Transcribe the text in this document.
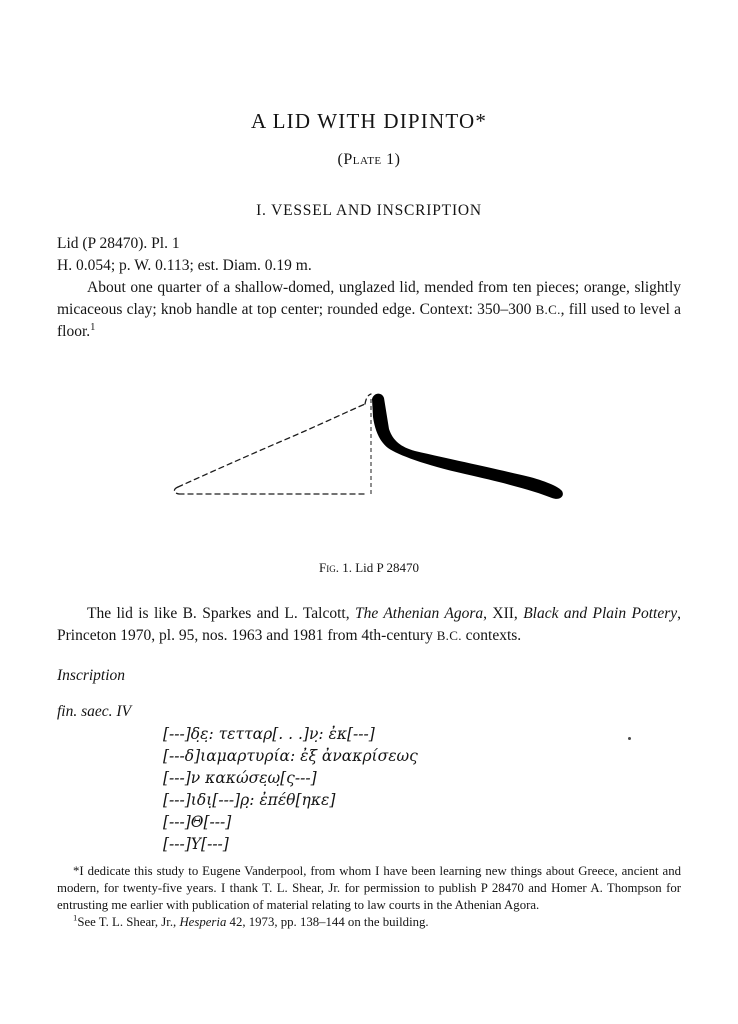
A LID WITH DIPINTO*
(Plate 1)
I. VESSEL AND INSCRIPTION
Lid (P 28470). Pl. 1
H. 0.054; p. W. 0.113; est. Diam. 0.19 m.

About one quarter of a shallow-domed, unglazed lid, mended from ten pieces; orange, slightly micaceous clay; knob handle at top center; rounded edge. Context: 350–300 B.C., fill used to level a floor.$^1$

Fig. 1. Lid P 28470

The lid is like B. Sparkes and L. Talcott, The Athenian Agora, XII, Black and Plain Pottery, Princeton 1970, pl. 95, nos. 1963 and 1981 from 4th-century B.C. contexts.

Inscription
fin. saec. IV
[---]δ̣ε̣: τετταρ[. . .]ν̣: ἐκ[---]
[---δ]ιαμαρτυρία: ἐξ ἀνακρίσεως
[---]ν κακώσε̣ω̣[ς---]
[---]ιδι̣[---]ρ̣: ἐπέθ[ηκε]
[---]Θ[---]
[---]Υ[---]

*I dedicate this study to Eugene Vanderpool, from whom I have been learning new things about Greece, ancient and modern, for twenty-five years. I thank T. L. Shear, Jr. for permission to publish P 28470 and Homer A. Thompson for entrusting me earlier with publication of material relating to law courts in the Athenian Agora.

$^1$See T. L. Shear, Jr., Hesperia 42, 1973, pp. 138–144 on the building.
